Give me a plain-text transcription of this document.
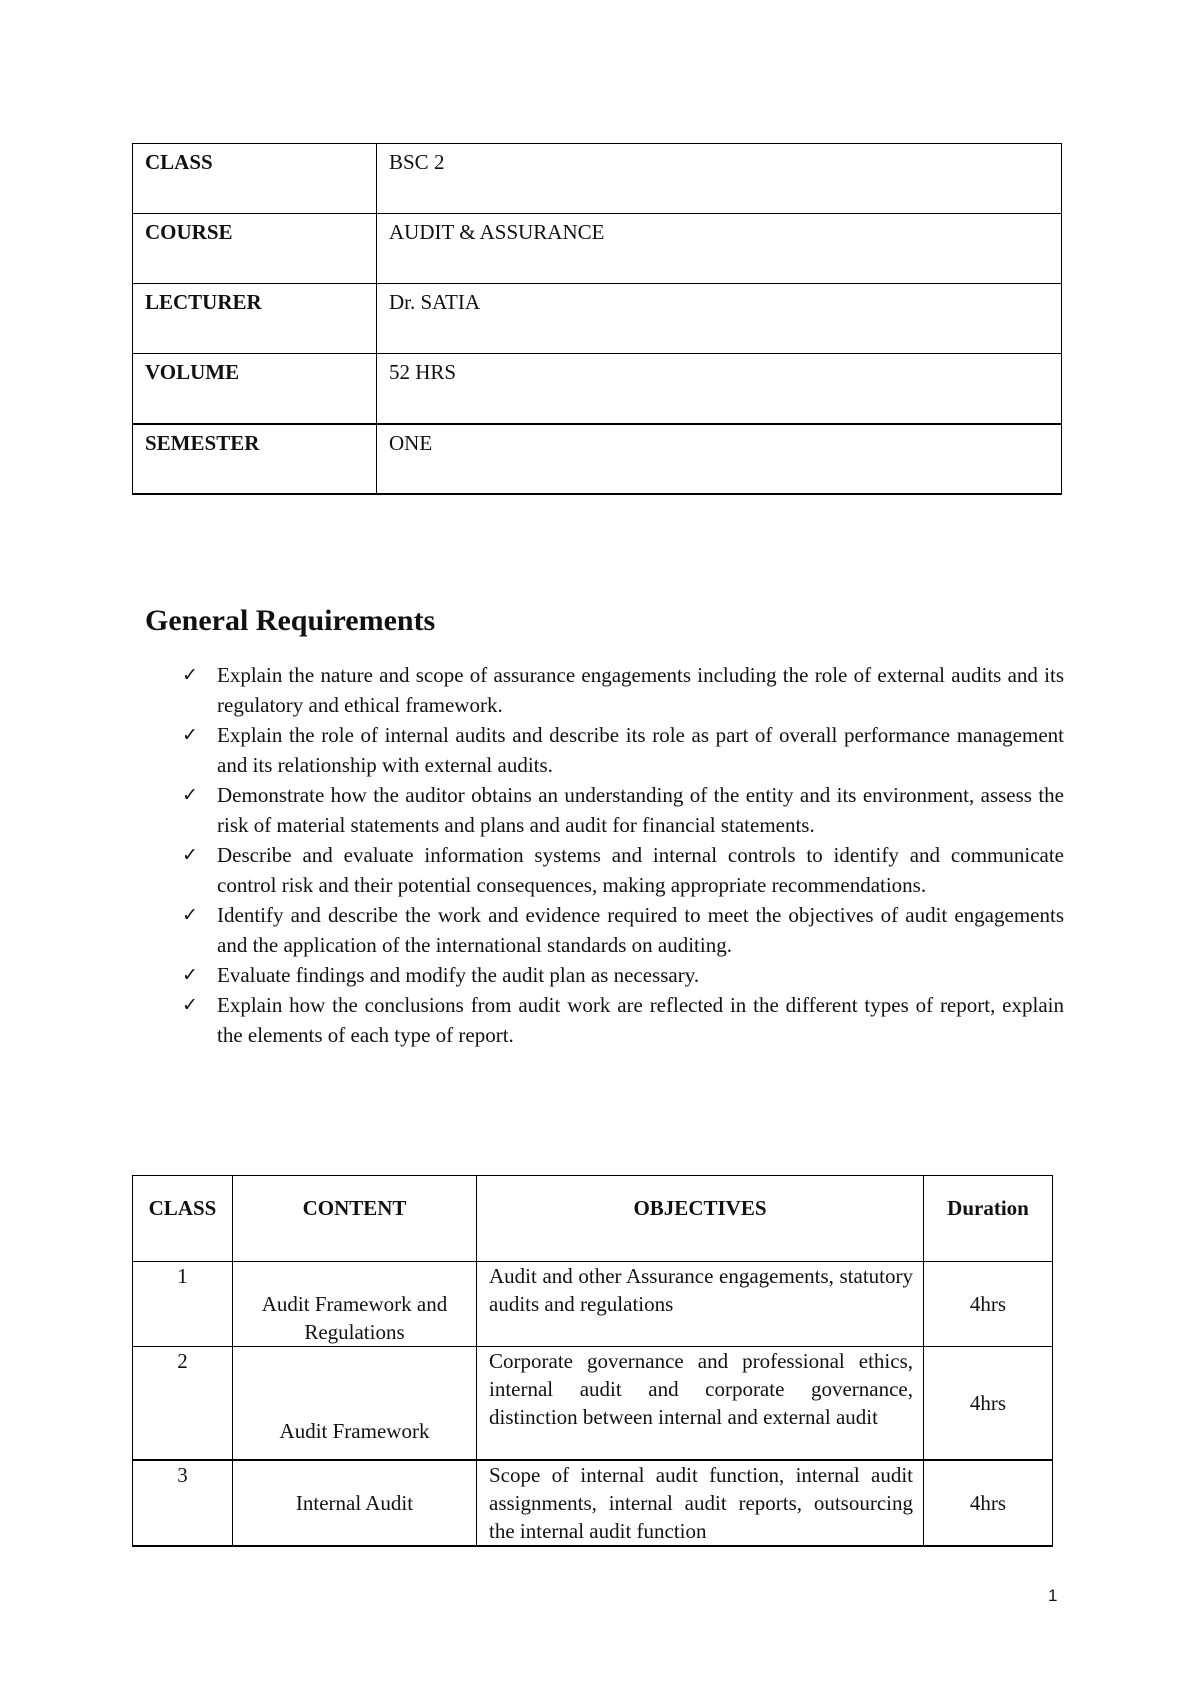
CLASS	BSC 2
COURSE	AUDIT & ASSURANCE
LECTURER	Dr. SATIA
VOLUME	52 HRS
SEMESTER	ONE
General Requirements
✓ Explain the nature and scope of assurance engagements including the role of external audits and its regulatory and ethical framework.
✓ Explain the role of internal audits and describe its role as part of overall performance management and its relationship with external audits.
✓ Demonstrate how the auditor obtains an understanding of the entity and its environment, assess the risk of material statements and plans and audit for financial statements.
✓ Describe and evaluate information systems and internal controls to identify and communicate control risk and their potential consequences, making appropriate recommendations.
✓ Identify and describe the work and evidence required to meet the objectives of audit engagements and the application of the international standards on auditing.
✓ Evaluate findings and modify the audit plan as necessary.
✓ Explain how the conclusions from audit work are reflected in the different types of report, explain the elements of each type of report.
CLASS	CONTENT	OBJECTIVES	Duration
1	Audit Framework and Regulations	Audit and other Assurance engagements, statutory audits and regulations	4hrs
2	Audit Framework	Corporate governance and professional ethics, internal audit and corporate governance, distinction between internal and external audit	4hrs
3	Internal Audit	Scope of internal audit function, internal audit assignments, internal audit reports, outsourcing the internal audit function	4hrs
1
